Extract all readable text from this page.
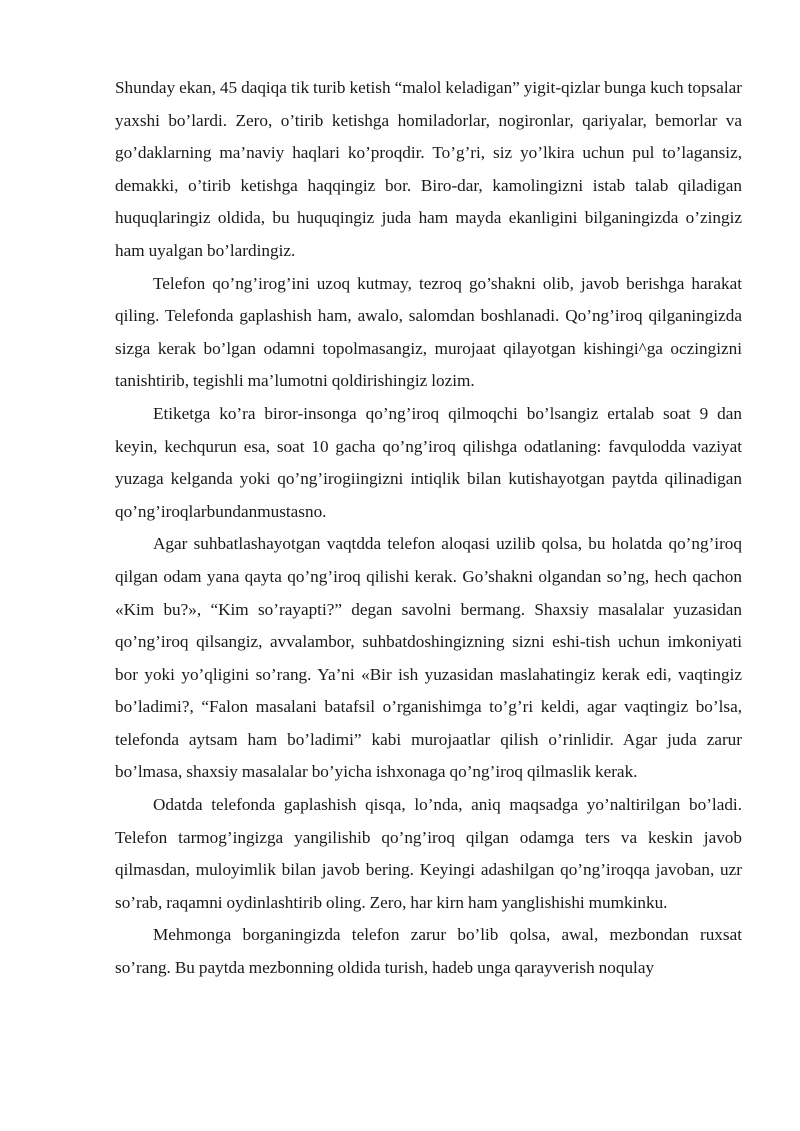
Shunday ekan, 45 daqiqa tik turib ketish “malol keladigan” yigit-qizlar bunga kuch topsalar yaxshi bo’lardi. Zero, o’tirib ketishga homiladorlar, nogironlar, qariyalar, bemorlar va go’daklarning ma’naviy haqlari ko’proqdir. To’g’ri, siz yo’lkira uchun pul to’lagansiz, demakki, o’tirib ketishga haqqingiz bor. Biro-dar, kamolingizni istab talab qiladigan huquqlaringiz oldida, bu huquqingiz juda ham mayda ekanligini bilganingizda o’zingiz ham uyalgan bo’lardingiz.

Telefon qo’ng’irog’ini uzoq kutmay, tezroq go’shakni olib, javob berishga harakat qiling. Telefonda gaplashish ham, awalo, salomdan boshlanadi. Qo’ng’iroq qilganingizda sizga kerak bo’lgan odamni topolmasangiz, murojaat qilayotgan kishingi^ga oczingizni tanishtirib, tegishli ma’lumotni qoldirishingiz lozim.

Etiketga ko’ra biror-insonga qo’ng’iroq qilmoqchi bo’lsangiz ertalab soat 9 dan keyin, kechqurun esa, soat 10 gacha qo’ng’iroq qilishga odatlaning: favqulodda vaziyat yuzaga kelganda yoki qo’ng’irogiingizni intiqlik bilan kutishayotgan paytda qilinadigan qo’ng’iroqlarbundanmustasno.

Agar suhbatlashayotgan vaqtdda telefon aloqasi uzilib qolsa, bu holatda qo’ng’iroq qilgan odam yana qayta qo’ng’iroq qilishi kerak. Go’shakni olgandan so’ng, hech qachon «Kim bu?», “Kim so’rayapti?” degan savolni bermang. Shaxsiy masalalar yuzasidan qo’ng’iroq qilsangiz, avvalambor, suhbatdoshingizning sizni eshi-tish uchun imkoniyati bor yoki yo’qligini so’rang. Ya’ni «Bir ish yuzasidan maslahatingiz kerak edi, vaqtingiz bo’ladimi?, “Falon masalani batafsil o’rganishimga to’g’ri keldi, agar vaqtingiz bo’lsa, telefonda aytsam ham bo’ladimi” kabi murojaatlar qilish o’rinlidir. Agar juda zarur bo’lmasa, shaxsiy masalalar bo’yicha ishxonaga qo’ng’iroq qilmaslik kerak.

Odatda telefonda gaplashish qisqa, lo’nda, aniq maqsadga yo’naltirilgan bo’ladi. Telefon tarmog’ingizga yangilishib qo’ng’iroq qilgan odamga ters va keskin javob qilmasdan, muloyimlik bilan javob bering. Keyingi adashilgan qo’ng’iroqqa javoban, uzr so’rab, raqamni oydinlashtirib oling. Zero, har kirn ham yanglishishi mumkinku.

Mehmonga borganingizda telefon zarur bo’lib qolsa, awal, mezbondan ruxsat so’rang. Bu paytda mezbonning oldida turish, hadeb unga qarayverish noqulay
